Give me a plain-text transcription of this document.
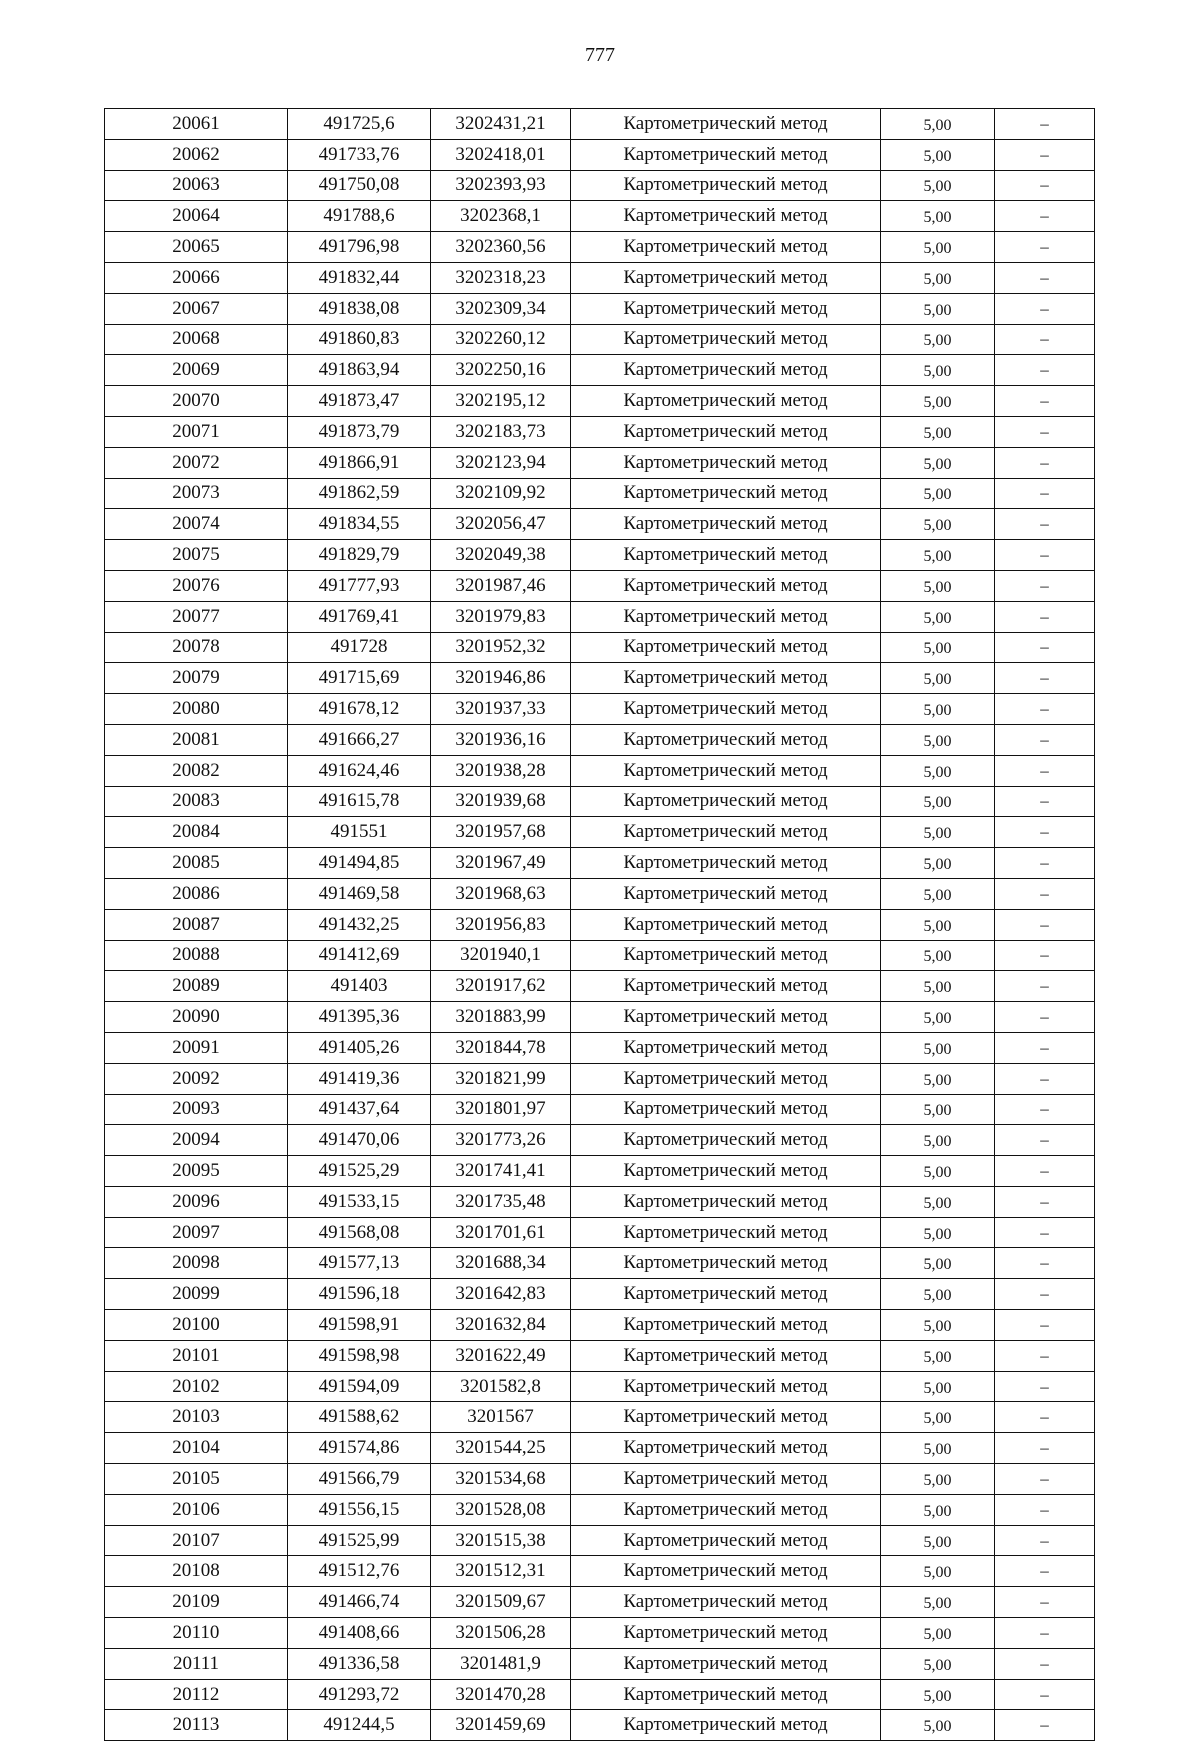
777
20061	491725,6	3202431,21	Картометрический метод	5,00	–
20062	491733,76	3202418,01	Картометрический метод	5,00	–
20063	491750,08	3202393,93	Картометрический метод	5,00	–
20064	491788,6	3202368,1	Картометрический метод	5,00	–
20065	491796,98	3202360,56	Картометрический метод	5,00	–
20066	491832,44	3202318,23	Картометрический метод	5,00	–
20067	491838,08	3202309,34	Картометрический метод	5,00	–
20068	491860,83	3202260,12	Картометрический метод	5,00	–
20069	491863,94	3202250,16	Картометрический метод	5,00	–
20070	491873,47	3202195,12	Картометрический метод	5,00	–
20071	491873,79	3202183,73	Картометрический метод	5,00	–
20072	491866,91	3202123,94	Картометрический метод	5,00	–
20073	491862,59	3202109,92	Картометрический метод	5,00	–
20074	491834,55	3202056,47	Картометрический метод	5,00	–
20075	491829,79	3202049,38	Картометрический метод	5,00	–
20076	491777,93	3201987,46	Картометрический метод	5,00	–
20077	491769,41	3201979,83	Картометрический метод	5,00	–
20078	491728	3201952,32	Картометрический метод	5,00	–
20079	491715,69	3201946,86	Картометрический метод	5,00	–
20080	491678,12	3201937,33	Картометрический метод	5,00	–
20081	491666,27	3201936,16	Картометрический метод	5,00	–
20082	491624,46	3201938,28	Картометрический метод	5,00	–
20083	491615,78	3201939,68	Картометрический метод	5,00	–
20084	491551	3201957,68	Картометрический метод	5,00	–
20085	491494,85	3201967,49	Картометрический метод	5,00	–
20086	491469,58	3201968,63	Картометрический метод	5,00	–
20087	491432,25	3201956,83	Картометрический метод	5,00	–
20088	491412,69	3201940,1	Картометрический метод	5,00	–
20089	491403	3201917,62	Картометрический метод	5,00	–
20090	491395,36	3201883,99	Картометрический метод	5,00	–
20091	491405,26	3201844,78	Картометрический метод	5,00	–
20092	491419,36	3201821,99	Картометрический метод	5,00	–
20093	491437,64	3201801,97	Картометрический метод	5,00	–
20094	491470,06	3201773,26	Картометрический метод	5,00	–
20095	491525,29	3201741,41	Картометрический метод	5,00	–
20096	491533,15	3201735,48	Картометрический метод	5,00	–
20097	491568,08	3201701,61	Картометрический метод	5,00	–
20098	491577,13	3201688,34	Картометрический метод	5,00	–
20099	491596,18	3201642,83	Картометрический метод	5,00	–
20100	491598,91	3201632,84	Картометрический метод	5,00	–
20101	491598,98	3201622,49	Картометрический метод	5,00	–
20102	491594,09	3201582,8	Картометрический метод	5,00	–
20103	491588,62	3201567	Картометрический метод	5,00	–
20104	491574,86	3201544,25	Картометрический метод	5,00	–
20105	491566,79	3201534,68	Картометрический метод	5,00	–
20106	491556,15	3201528,08	Картометрический метод	5,00	–
20107	491525,99	3201515,38	Картометрический метод	5,00	–
20108	491512,76	3201512,31	Картометрический метод	5,00	–
20109	491466,74	3201509,67	Картометрический метод	5,00	–
20110	491408,66	3201506,28	Картометрический метод	5,00	–
20111	491336,58	3201481,9	Картометрический метод	5,00	–
20112	491293,72	3201470,28	Картометрический метод	5,00	–
20113	491244,5	3201459,69	Картометрический метод	5,00	–
